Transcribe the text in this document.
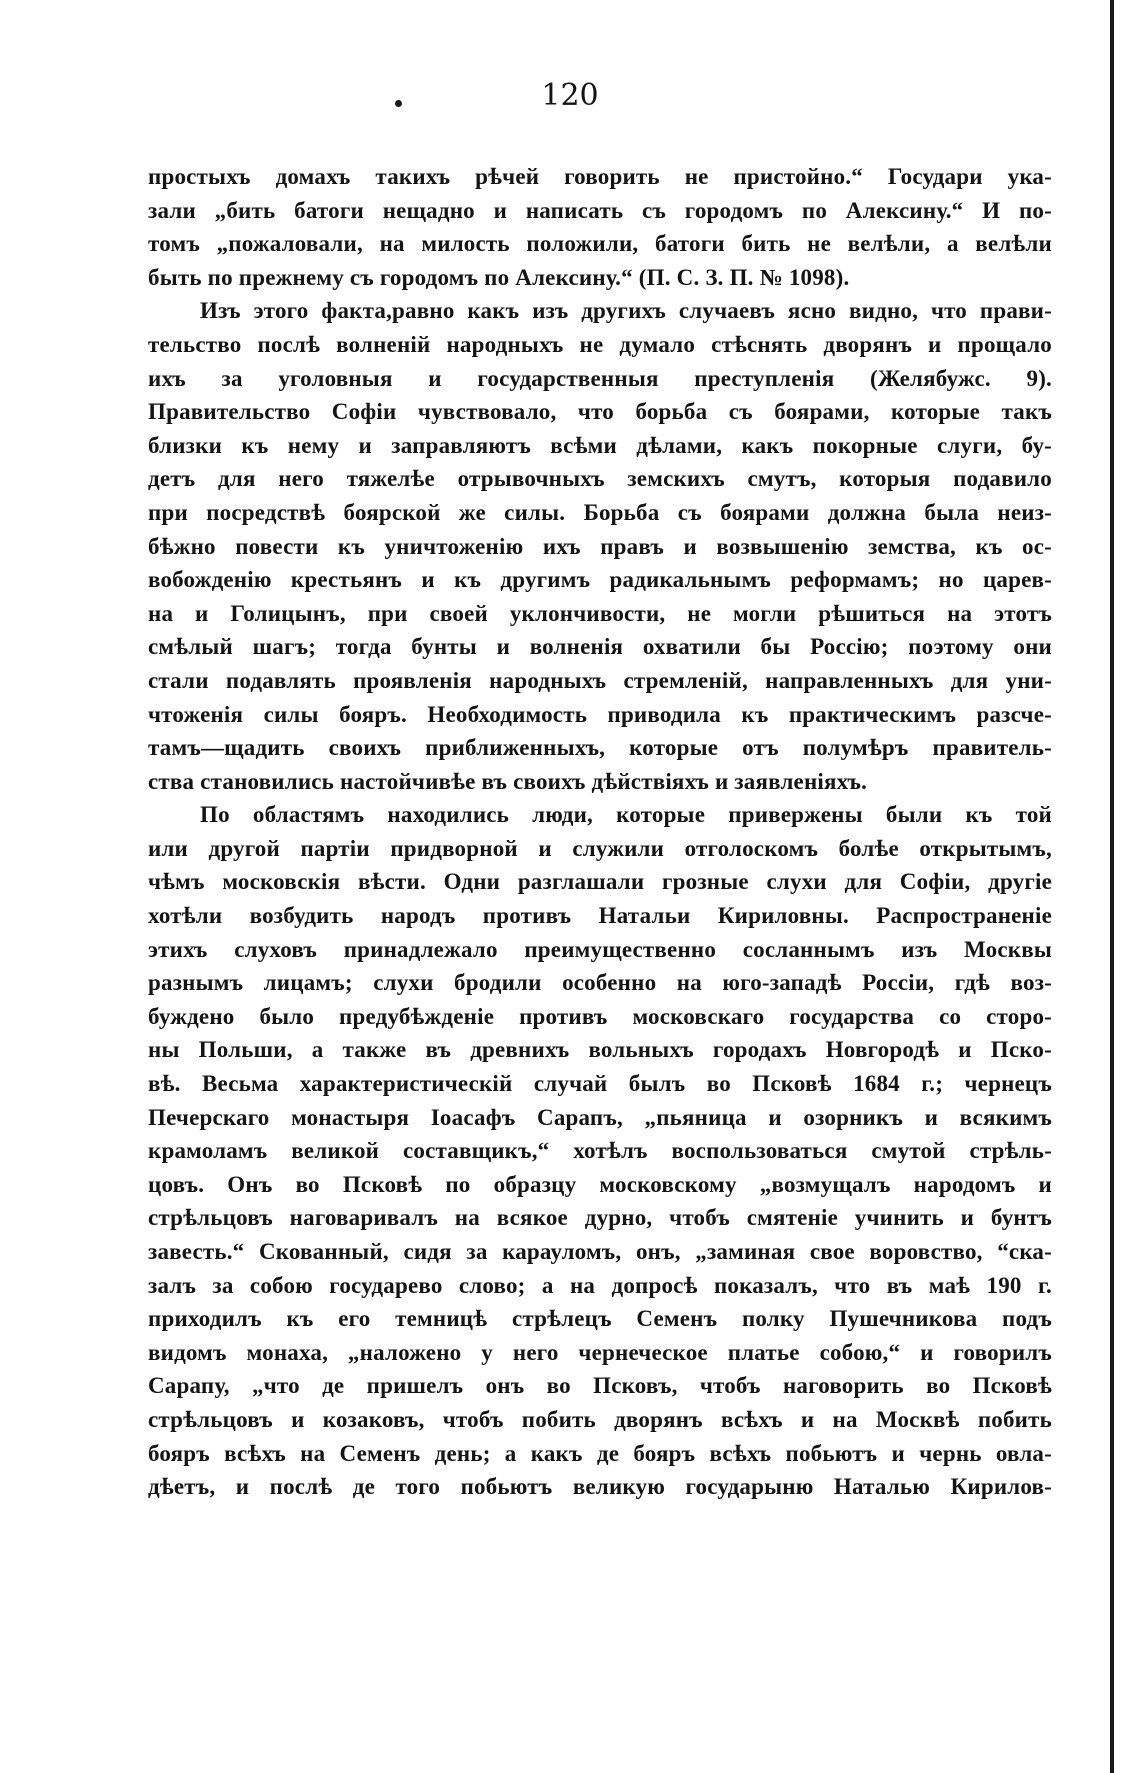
120
простыхъ домахъ такихъ рѣчей говорить не пристойно.“ Государи ука-
зали „бить батоги нещадно и написать съ городомъ по Алексину.“ И по-
томъ „пожаловали, на милость положили, батоги бить не велѣли, а велѣли
быть по прежнему съ городомъ по Алексину.“ (П. С. З. П. № 1098).
Изъ этого факта,равно какъ изъ другихъ случаевъ ясно видно, что прави-
тельство послѣ волненій народныхъ не думало стѣснять дворянъ и прощало
ихъ за уголовныя и государственныя преступленія (Желябужс. 9).
Правительство Софіи чувствовало, что борьба съ боярами, которые такъ
близки къ нему и заправляютъ всѣми дѣлами, какъ покорные слуги, бу-
детъ для него тяжелѣе отрывочныхъ земскихъ смутъ, которыя подавило
при посредствѣ боярской же силы. Борьба съ боярами должна была неиз-
бѣжно повести къ уничтоженію ихъ правъ и возвышенію земства, къ ос-
вобожденію крестьянъ и къ другимъ радикальнымъ реформамъ; но царев-
на и Голицынъ, при своей уклончивости, не могли рѣшиться на этотъ
смѣлый шагъ; тогда бунты и волненія охватили бы Россію; поэтому они
стали подавлять проявленія народныхъ стремленій, направленныхъ для уни-
чтоженія силы бояръ. Необходимость приводила къ практическимъ разсче-
тамъ—щадить своихъ приближенныхъ, которые отъ полумѣръ правитель-
ства становились настойчивѣе въ своихъ дѣйствіяхъ и заявленіяхъ.
По областямъ находились люди, которые привержены были къ той
или другой партіи придворной и служили отголоскомъ болѣе открытымъ,
чѣмъ московскія вѣсти. Одни разглашали грозные слухи для Софіи, другіе
хотѣли возбудить народъ противъ Натальи Кириловны. Распространеніе
этихъ слуховъ принадлежало преимущественно сосланнымъ изъ Москвы
разнымъ лицамъ; слухи бродили особенно на юго-западѣ Россіи, гдѣ воз-
буждено было предубѣжденіе противъ московскаго государства со сторо-
ны Польши, а также въ древнихъ вольныхъ городахъ Новгородѣ и Пско-
вѣ. Весьма характеристическій случай былъ во Псковѣ 1684 г.; чернецъ
Печерскаго монастыря Іоасафъ Сарапъ, „пьяница и озорникъ и всякимъ
крамоламъ великой составщикъ,“ хотѣлъ воспользоваться смутой стрѣль-
цовъ. Онъ во Псковѣ по образцу московскому „возмущалъ народомъ и
стрѣльцовъ наговаривалъ на всякое дурно, чтобъ смятеніе учинить и бунтъ
завесть.“ Скованный, сидя за карауломъ, онъ, „заминая свое воровство, “ска-
залъ за собою государево слово; а на допросѣ показалъ, что въ маѣ 190 г.
приходилъ къ его темницѣ стрѣлецъ Семенъ полку Пушечникова подъ
видомъ монаха, „наложено у него чернеческое платье собою,“ и говорилъ
Сарапу, „что де пришелъ онъ во Псковъ, чтобъ наговорить во Псковѣ
стрѣльцовъ и козаковъ, чтобъ побить дворянъ всѣхъ и на Москвѣ побить
бояръ всѣхъ на Семенъ день; а какъ де бояръ всѣхъ побьютъ и чернь овла-
дѣетъ, и послѣ де того побьютъ великую государыню Наталью Кирилов-
